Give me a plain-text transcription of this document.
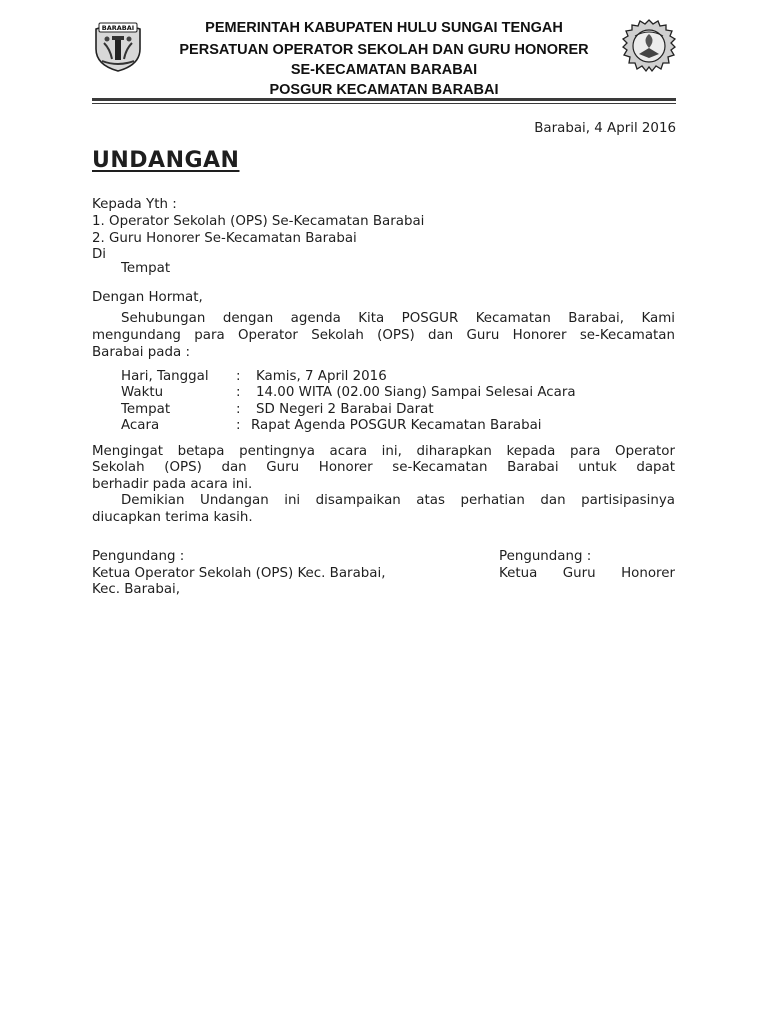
BARABAI	PEMERINTAH KABUPATEN HULU SUNGAI TENGAH
PERSATUAN OPERATOR SEKOLAH DAN GURU HONORER
SE-KECAMATAN BARABAI
POSGUR KECAMATAN BARABAI
Barabai, 4 April 2016
UNDANGAN
Kepada Yth :
1. Operator Sekolah (OPS) Se-Kecamatan Barabai
2. Guru Honorer Se-Kecamatan Barabai
Di
Tempat
Dengan Hormat,
Sehubungan dengan agenda Kita POSGUR Kecamatan Barabai, Kami
mengundang para Operator Sekolah (OPS) dan Guru Honorer se-Kecamatan
Barabai pada :
Hari, Tanggal : Kamis, 7 April 2016
Waktu	: 14.00 WITA (02.00 Siang) Sampai Selesai Acara
Tempat	: SD Negeri 2 Barabai Darat
Acara	: Rapat Agenda POSGUR Kecamatan Barabai
Mengingat betapa pentingnya acara ini, diharapkan kepada para Operator
Sekolah (OPS) dan Guru Honorer se-Kecamatan Barabai untuk dapat
berhadir pada acara ini.
Demikian Undangan ini disampaikan atas perhatian dan partisipasinya
diucapkan terima kasih.
Pengundang :
Ketua Operator Sekolah (OPS) Kec. Barabai,
Kec. Barabai,
Pengundang :
Ketua Guru Honorer
